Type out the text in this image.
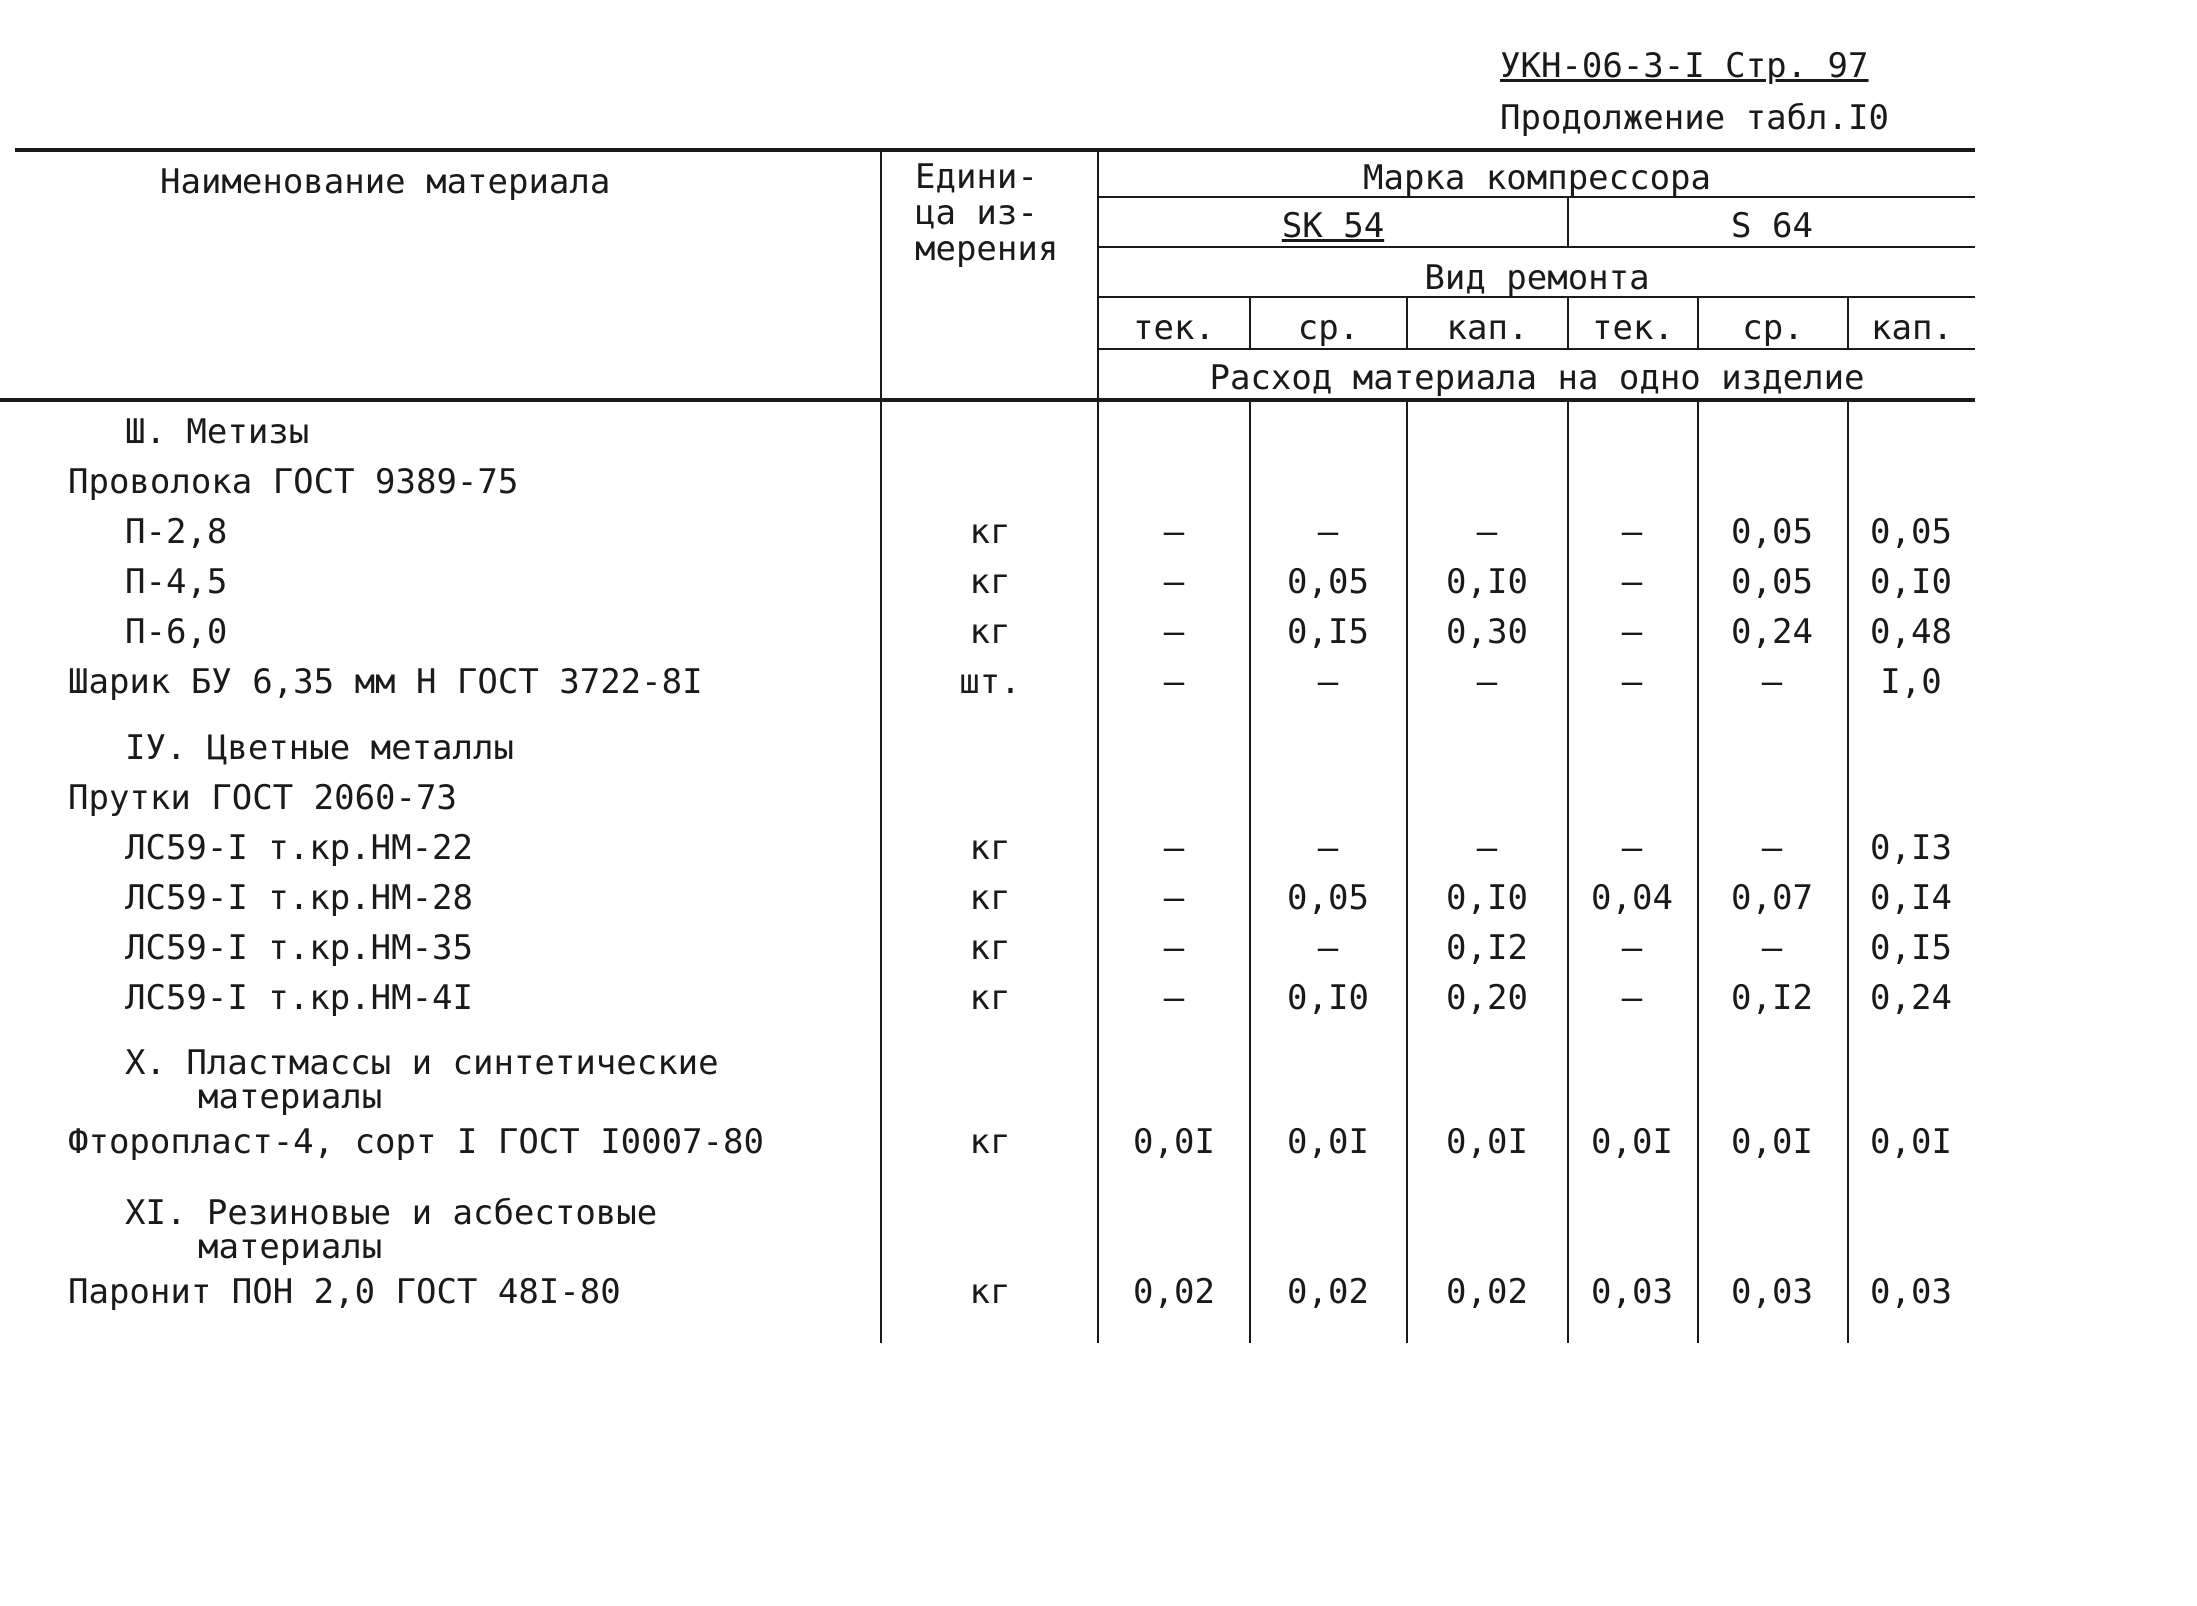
УКН-06-3-I Стр. 97
Продолжение табл.I0
Наименование материала	Едини-
ца из-
мерения
Марка компрессора
SK 54	S 64
Вид ремонта
тек.	ср.	кап.	тек.	ср.	кап.
Расход материала на одно изделие
Ш. Метизы
Проволока ГОСТ 9389-75
П-2,8	кг	–	–	–	–	0,05	0,05
П-4,5	кг	–	0,05	0,I0	–	0,05	0,I0
П-6,0	кг	–	0,I5	0,30	–	0,24	0,48
Шарик БУ 6,35 мм Н ГОСТ 3722-8I	шт.	–	–	–	–	–	I,0
IУ. Цветные металлы
Прутки ГОСТ 2060-73
ЛС59-I т.кр.НМ-22	кг	–	–	–	–	–	0,I3
ЛС59-I т.кр.НМ-28	кг	–	0,05	0,I0	0,04	0,07	0,I4
ЛС59-I т.кр.НМ-35	кг	–	–	0,I2	–	–	0,I5
ЛС59-I т.кр.НМ-4I	кг	–	0,I0	0,20	–	0,I2	0,24
X. Пластмассы и синтетические
материалы
Фторопласт-4, сорт I ГОСТ I0007-80	кг	0,0I	0,0I	0,0I	0,0I	0,0I	0,0I
XI. Резиновые и асбестовые
материалы
Паронит ПОН 2,0 ГОСТ 48I-80	кг	0,02	0,02	0,02	0,03	0,03	0,03
